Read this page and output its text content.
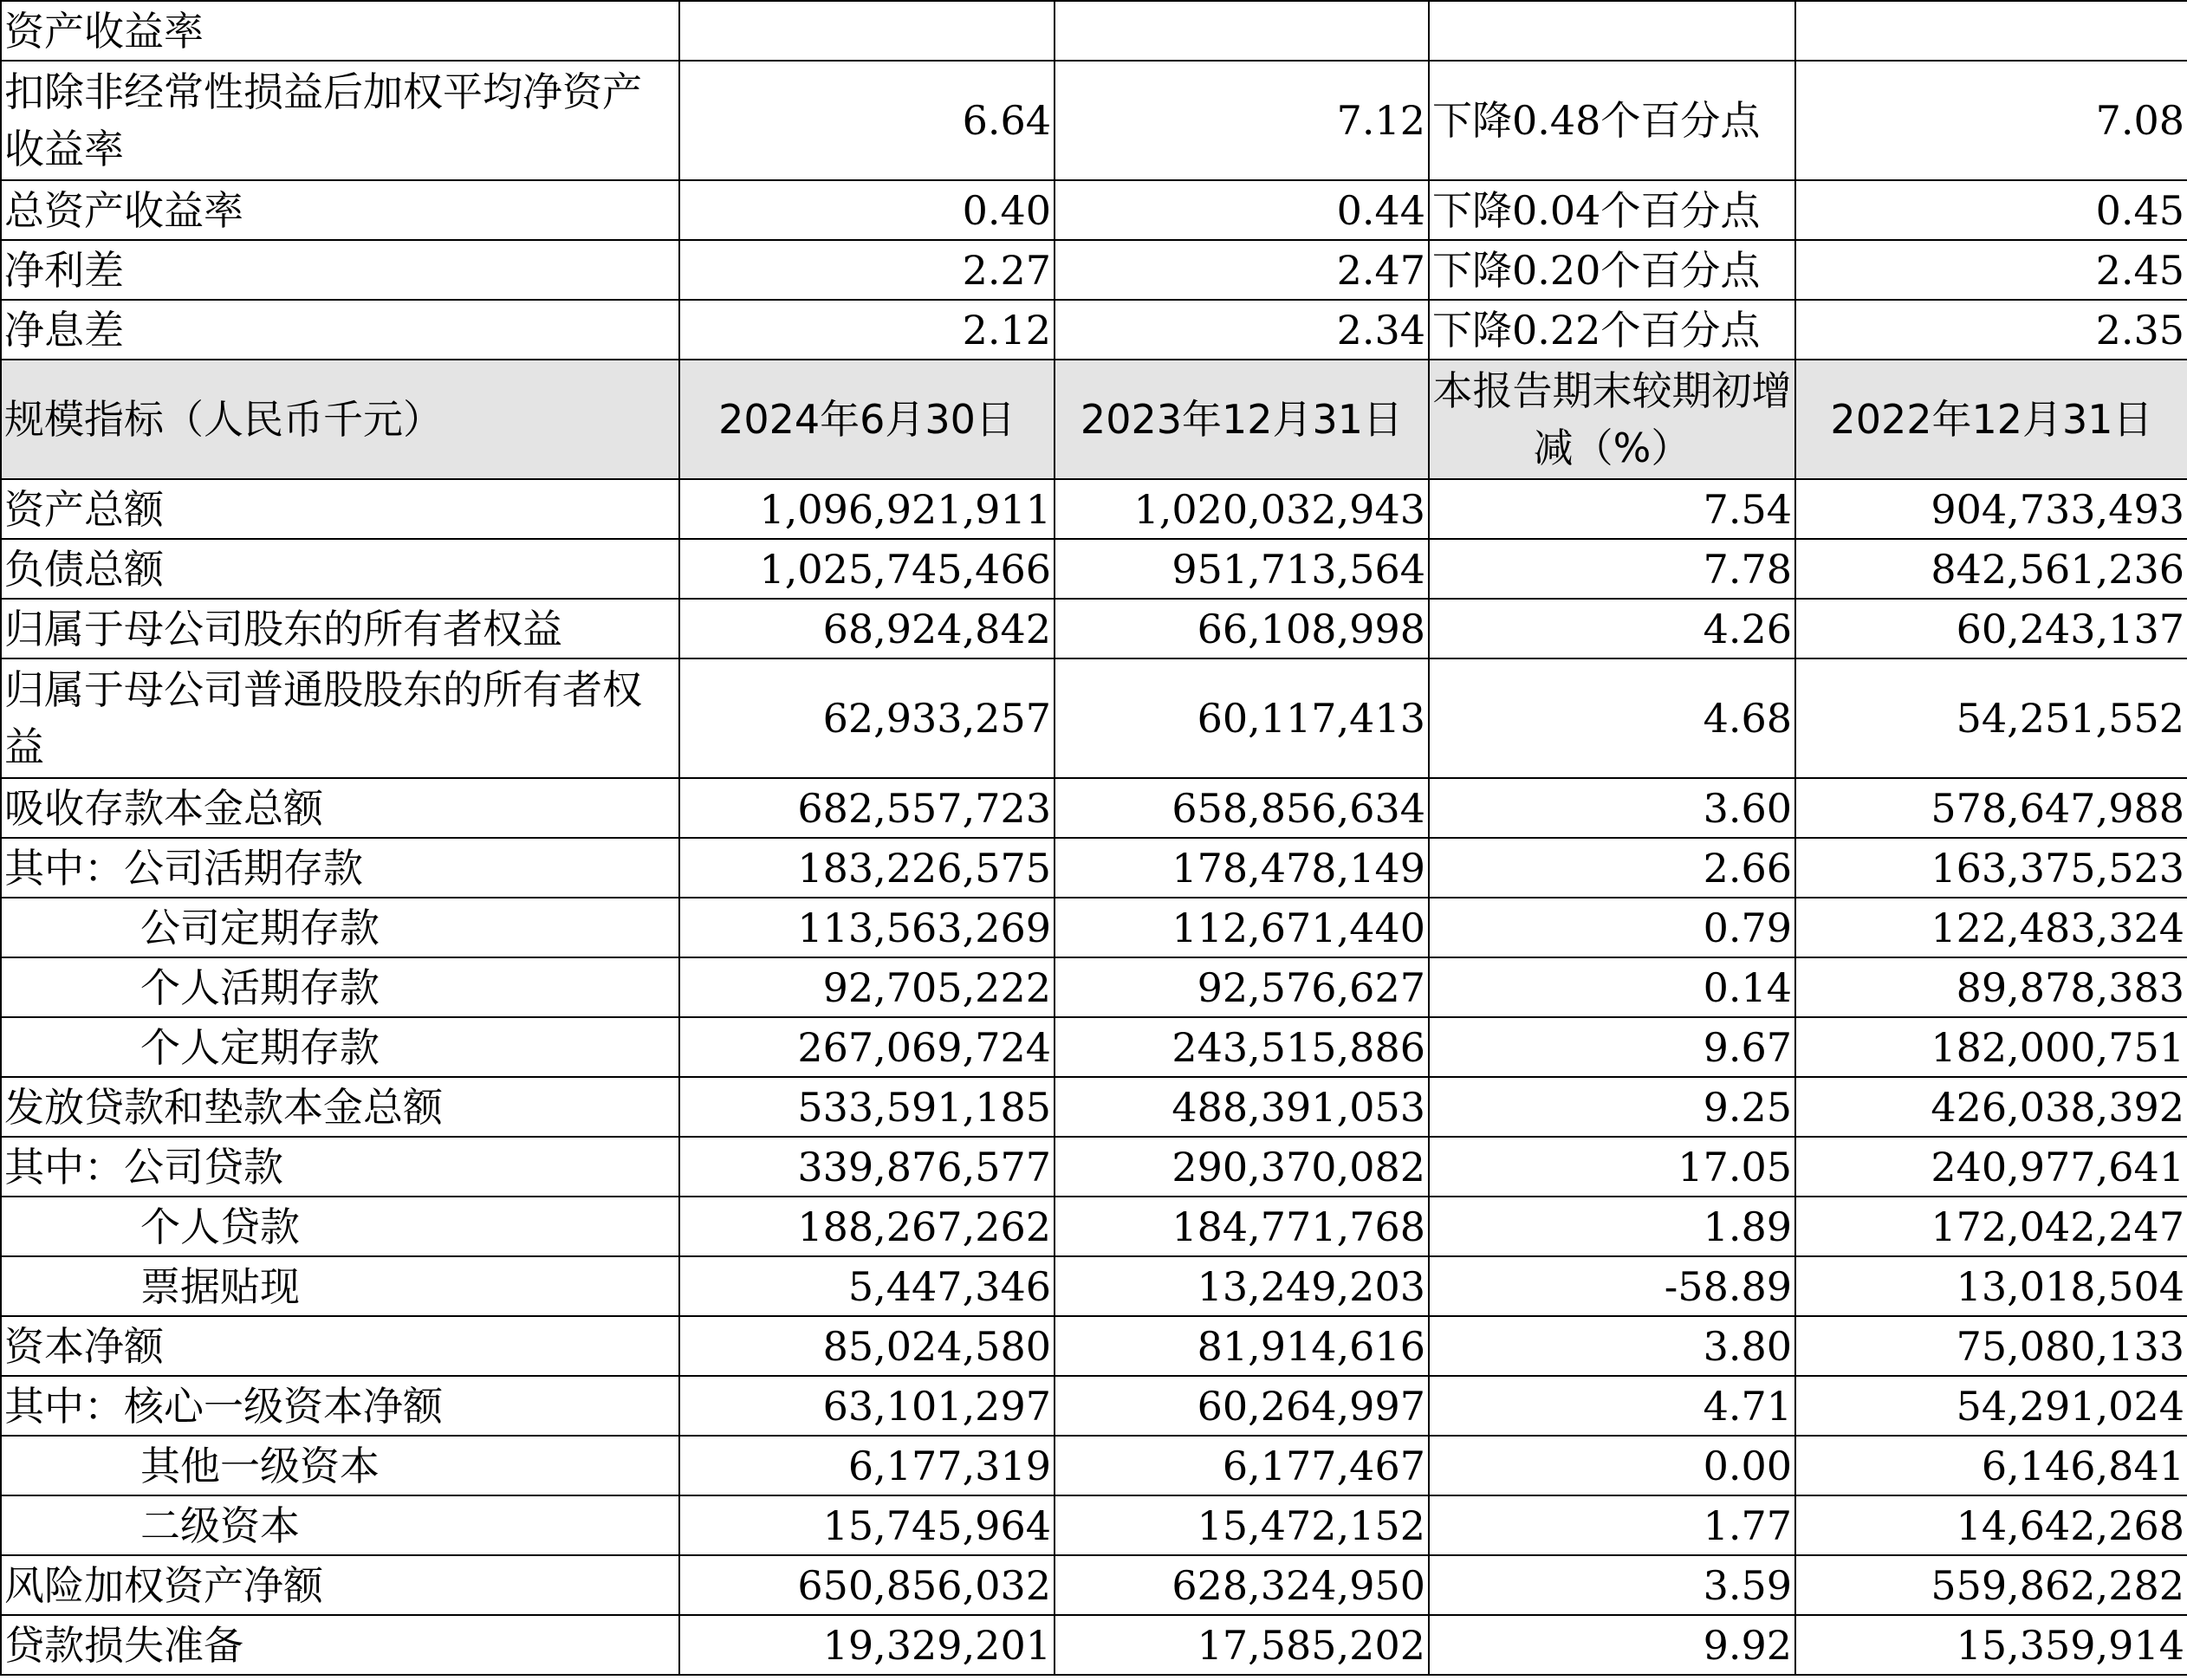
资产收益率				
扣除非经常性损益后加权平均净资产收益率	6.64	7.12	下降0.48个百分点	7.08
总资产收益率	0.40	0.44	下降0.04个百分点	0.45
净利差	2.27	2.47	下降0.20个百分点	2.45
净息差	2.12	2.34	下降0.22个百分点	2.35
规模指标（人民币千元）	2024年6月30日	2023年12月31日	本报告期末较期初增减（%）	2022年12月31日
资产总额	1,096,921,911	1,020,032,943	7.54	904,733,493
负债总额	1,025,745,466	951,713,564	7.78	842,561,236
归属于母公司股东的所有者权益	68,924,842	66,108,998	4.26	60,243,137
归属于母公司普通股股东的所有者权益	62,933,257	60,117,413	4.68	54,251,552
吸收存款本金总额	682,557,723	658,856,634	3.60	578,647,988
其中：公司活期存款	183,226,575	178,478,149	2.66	163,375,523
公司定期存款	113,563,269	112,671,440	0.79	122,483,324
个人活期存款	92,705,222	92,576,627	0.14	89,878,383
个人定期存款	267,069,724	243,515,886	9.67	182,000,751
发放贷款和垫款本金总额	533,591,185	488,391,053	9.25	426,038,392
其中：公司贷款	339,876,577	290,370,082	17.05	240,977,641
个人贷款	188,267,262	184,771,768	1.89	172,042,247
票据贴现	5,447,346	13,249,203	-58.89	13,018,504
资本净额	85,024,580	81,914,616	3.80	75,080,133
其中：核心一级资本净额	63,101,297	60,264,997	4.71	54,291,024
其他一级资本	6,177,319	6,177,467	0.00	6,146,841
二级资本	15,745,964	15,472,152	1.77	14,642,268
风险加权资产净额	650,856,032	628,324,950	3.59	559,862,282
贷款损失准备	19,329,201	17,585,202	9.92	15,359,914
